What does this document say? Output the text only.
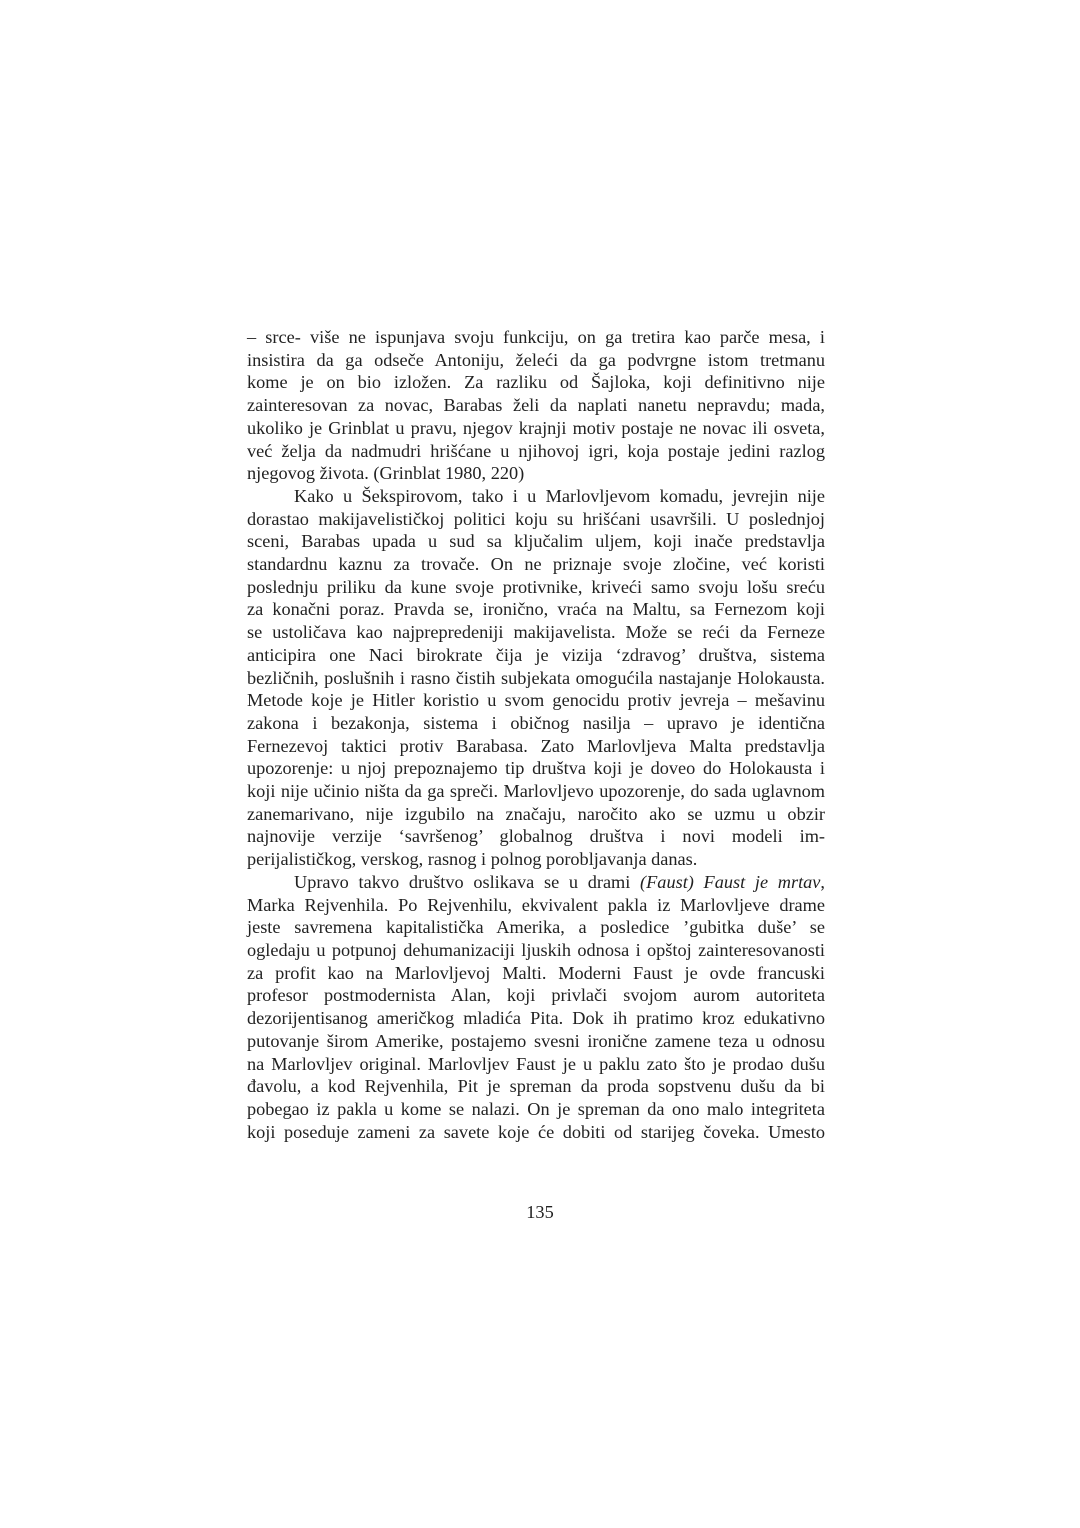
– srce- više ne ispunjava svoju funkciju, on ga tretira kao parče mesa, i
insistira da ga odseče Antoniju, želeći da ga podvrgne istom tretmanu
kome je on bio izložen. Za razliku od Šajloka, koji definitivno nije
zainteresovan za novac, Barabas želi da naplati nanetu nepravdu; mada,
ukoliko je Grinblat u pravu, njegov krajnji motiv postaje ne novac ili osveta,
već želja da nadmudri hrišćane u njihovoj igri, koja postaje jedini razlog
njegovog života. (Grinblat 1980, 220)
Kako u Šekspirovom, tako i u Marlovljevom komadu, jevrejin nije
dorastao makijavelističkoj politici koju su hrišćani usavršili. U poslednjoj
sceni, Barabas upada u sud sa ključalim uljem, koji inače predstavlja
standardnu kaznu za trovače. On ne priznaje svoje zločine, već koristi
poslednju priliku da kune svoje protivnike, kriveći samo svoju lošu sreću
za konačni poraz. Pravda se, ironično, vraća na Maltu, sa Fernezom koji
se ustoličava kao najprepredeniji makijavelista. Može se reći da Ferneze
anticipira one Naci birokrate čija je vizija ‘zdravog’ društva, sistema
bezličnih, poslušnih i rasno čistih subjekata omogućila nastajanje Holokausta.
Metode koje je Hitler koristio u svom genocidu protiv jevreja – mešavinu
zakona i bezakonja, sistema i običnog nasilja – upravo je identična
Fernezevoj taktici protiv Barabasa. Zato Marlovljeva Malta predstavlja
upozorenje: u njoj prepoznajemo tip društva koji je doveo do Holokausta i
koji nije učinio ništa da ga spreči. Marlovljevo upozorenje, do sada uglavnom
zanemarivano, nije izgubilo na značaju, naročito ako se uzmu u obzir
najnovije verzije ‘savršenog’ globalnog društva i novi modeli im-
perijalističkog, verskog, rasnog i polnog porobljavanja danas.
Upravo takvo društvo oslikava se u drami (Faust) Faust je mrtav,
Marka Rejvenhila. Po Rejvenhilu, ekvivalent pakla iz Marlovljeve drame
jeste savremena kapitalistička Amerika, a posledice ’gubitka duše’ se
ogledaju u potpunoj dehumanizaciji ljuskih odnosa i opštoj zainteresovanosti
za profit kao na Marlovljevoj Malti. Moderni Faust je ovde francuski
profesor postmodernista Alan, koji privlači svojom aurom autoriteta
dezorijentisanog američkog mladića Pita. Dok ih pratimo kroz edukativno
putovanje širom Amerike, postajemo svesni ironične zamene teza u odnosu
na Marlovljev original. Marlovljev Faust je u paklu zato što je prodao dušu
đavolu, a kod Rejvenhila, Pit je spreman da proda sopstvenu dušu da bi
pobegao iz pakla u kome se nalazi. On je spreman da ono malo integriteta
koji poseduje zameni za savete koje će dobiti od starijeg čoveka. Umesto
135
